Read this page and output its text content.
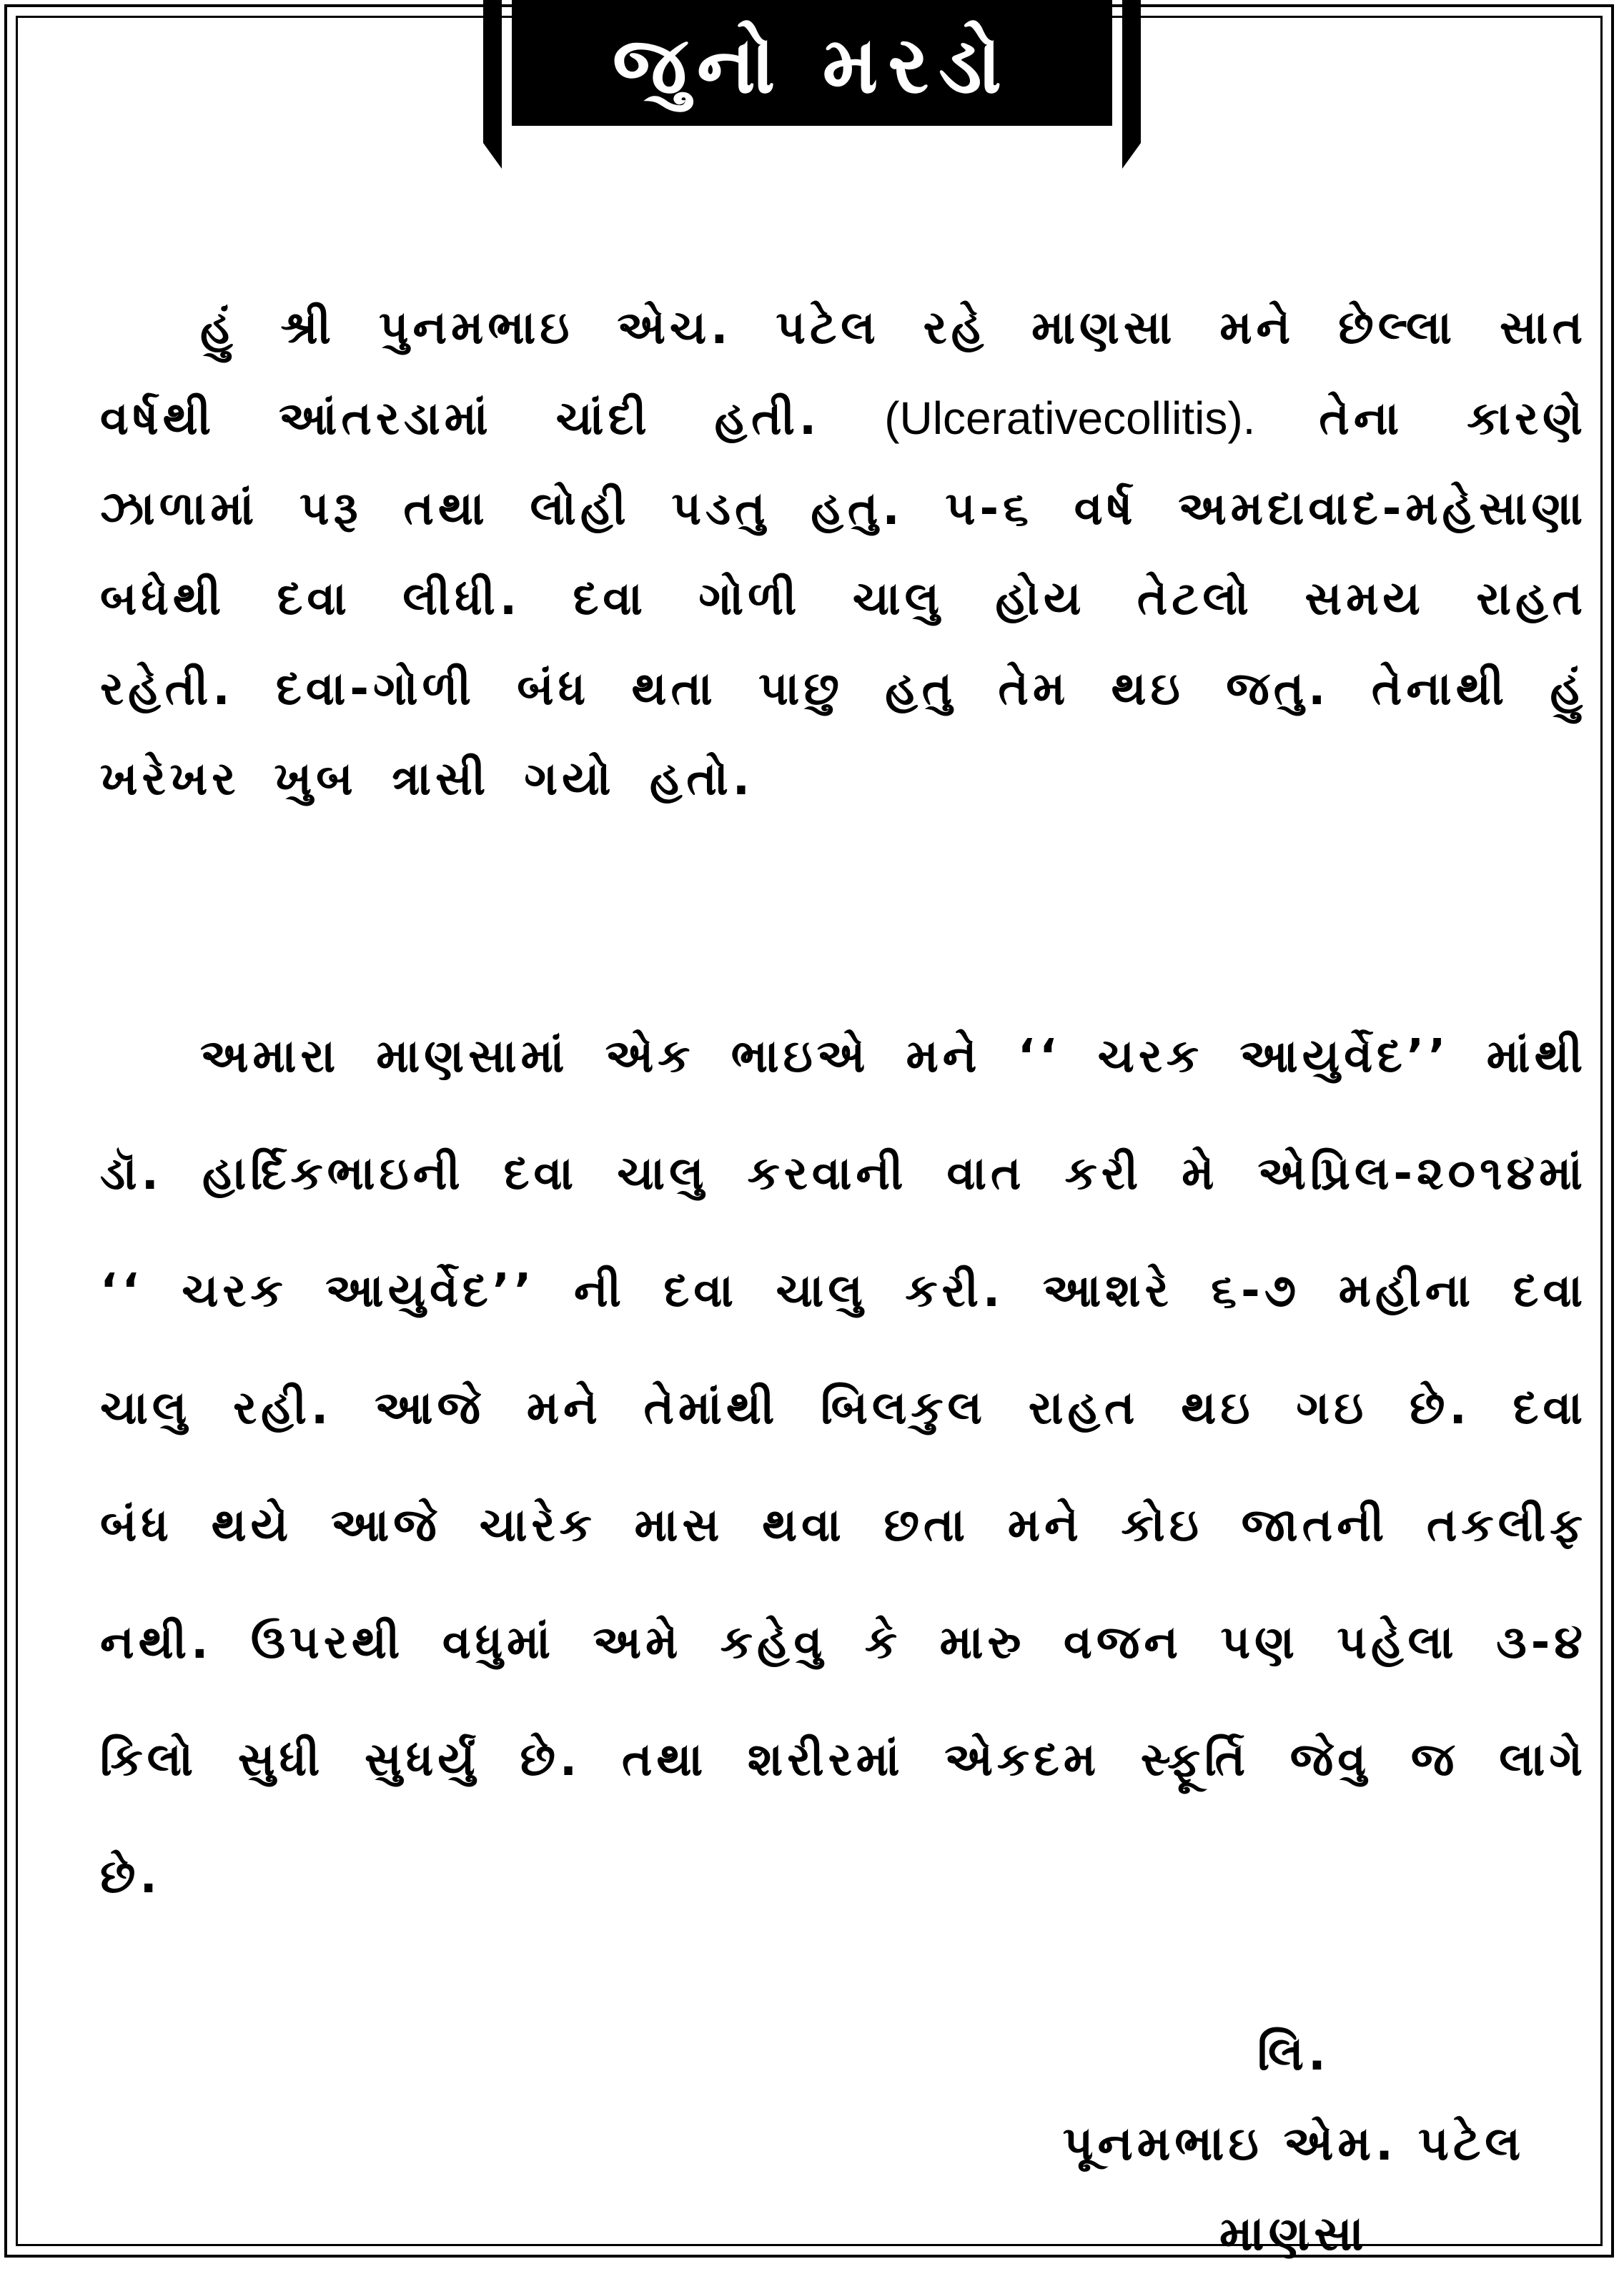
જુનો મરડો

હું શ્રી પુનમભાઇ એચ. પટેલ રહે માણસા મને છેલ્લા સાત વર્ષથી આંતરડામાં ચાંદી હતી. (Ulcerativecollitis). તેના કારણે ઝાળામાં પરૂ તથા લોહી પડતુ હતુ. ૫-૬ વર્ષ અમદાવાદ-મહેસાણા બધેથી દવા લીધી. દવા ગોળી ચાલુ હોય તેટલો સમય રાહત રહેતી. દવા-ગોળી બંધ થતા પાછુ હતુ તેમ થઇ જતુ. તેનાથી હું ખરેખર ખુબ ત્રાસી ગયો હતો.

અમારા માણસામાં એક ભાઇએ મને ‘‘ ચરક આયુર્વેદ’’ માંથી ડૉ. હાર્દિકભાઇની દવા ચાલુ કરવાની વાત કરી મે એપ્રિલ-૨૦૧૪માં ‘‘ ચરક આયુર્વેદ’’ ની દવા ચાલુ કરી. આશરે ૬-૭ મહીના દવા ચાલુ રહી. આજે મને તેમાંથી બિલકુલ રાહત થઇ ગઇ છે. દવા બંધ થયે આજે ચારેક માસ થવા છતા મને કોઇ જાતની તકલીફ નથી. ઉપરથી વધુમાં અમે કહેવુ કે મારુ વજન પણ પહેલા ૩-૪ કિલો સુધી સુધર્યું છે. તથા શરીરમાં એકદમ સ્ફૂર્તિ જેવુ જ લાગે છે.

લિ.
પૂનમભાઇ એમ. પટેલ
માણસા
